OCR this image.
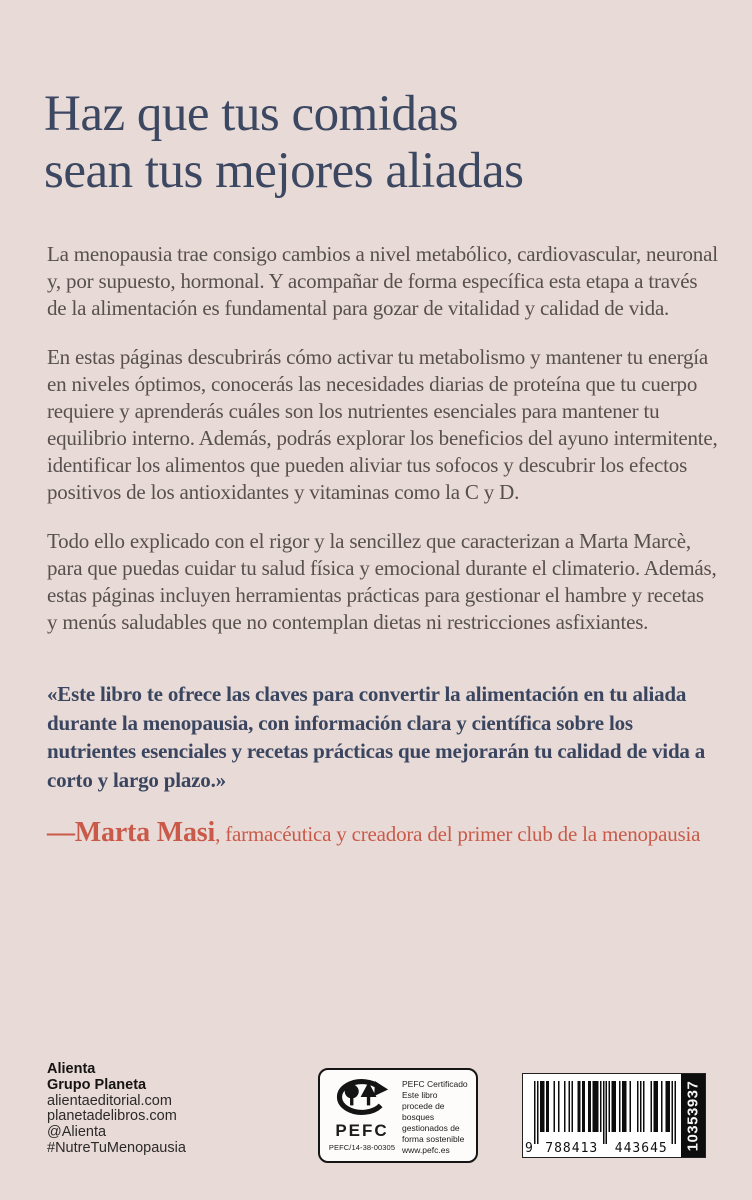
Haz que tus comidas
sean tus mejores aliadas

La menopausia trae consigo cambios a nivel metabólico, cardiovascular, neuronal y, por supuesto, hormonal. Y acompañar de forma específica esta etapa a través de la alimentación es fundamental para gozar de vitalidad y calidad de vida.

En estas páginas descubrirás cómo activar tu metabolismo y mantener tu energía en niveles óptimos, conocerás las necesidades diarias de proteína que tu cuerpo requiere y aprenderás cuáles son los nutrientes esenciales para mantener tu equilibrio interno. Además, podrás explorar los beneficios del ayuno intermitente, identificar los alimentos que pueden aliviar tus sofocos y descubrir los efectos positivos de los antioxidantes y vitaminas como la C y D.

Todo ello explicado con el rigor y la sencillez que caracterizan a Marta Marcè, para que puedas cuidar tu salud física y emocional durante el climaterio. Además, estas páginas incluyen herramientas prácticas para gestionar el hambre y recetas y menús saludables que no contemplan dietas ni restricciones asfixiantes.

«Este libro te ofrece las claves para convertir la alimentación en tu aliada durante la menopausia, con información clara y científica sobre los nutrientes esenciales y recetas prácticas que mejorarán tu calidad de vida a corto y largo plazo.»

—Marta Masi, farmacéutica y creadora del primer club de la menopausia

Alienta
Grupo Planeta
alientaeditorial.com
planetadelibros.com
@Alienta
#NutreTuMenopausia
PEFC
PEFC/14-38-00305
PEFC Certificado
Este libro procede de bosques gestionados de forma sostenible
www.pefc.es	9 788413	443645	10353937
